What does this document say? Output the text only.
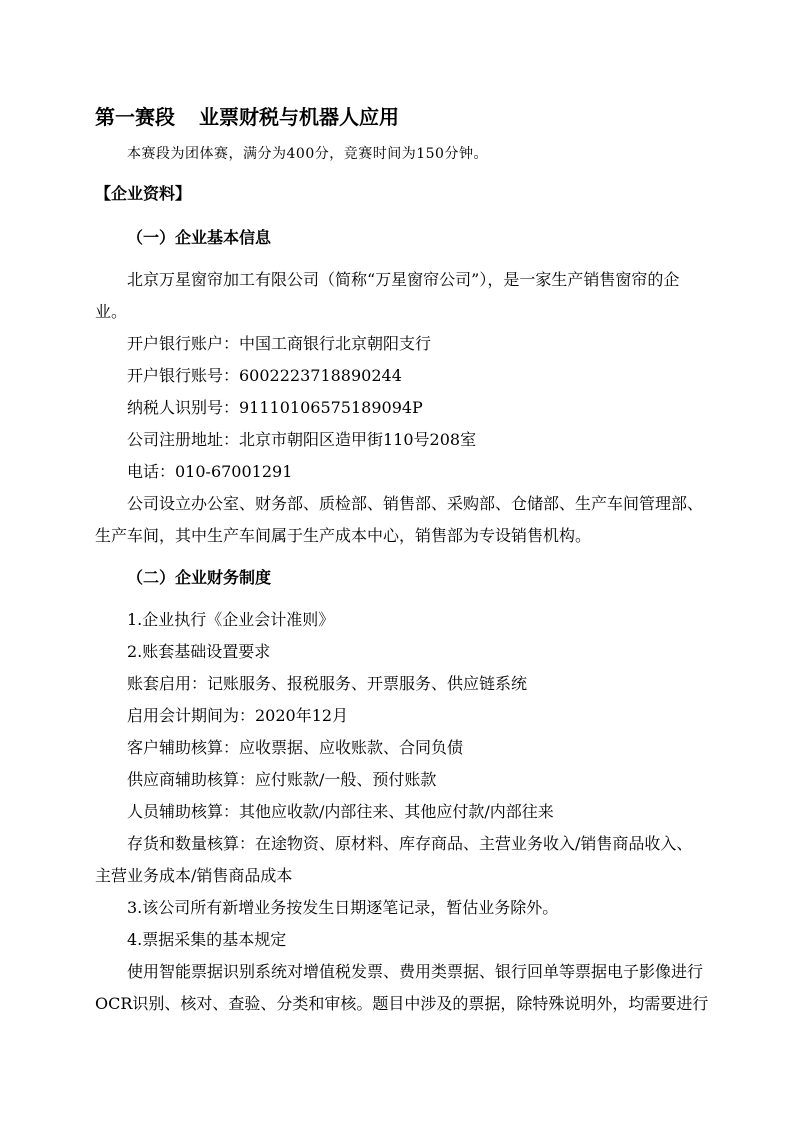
第一赛段 业票财税与机器人应用
本赛段为团体赛，满分为400分，竞赛时间为150分钟。
【企业资料】
（一）企业基本信息
北京万星窗帘加工有限公司（简称“万星窗帘公司”），是一家生产销售窗帘的企
业。
开户银行账户：中国工商银行北京朝阳支行
开户银行账号：6002223718890244
纳税人识别号：91110106575189094P
公司注册地址：北京市朝阳区造甲街110号208室
电话：010-67001291
公司设立办公室、财务部、质检部、销售部、采购部、仓储部、生产车间管理部、
生产车间，其中生产车间属于生产成本中心，销售部为专设销售机构。
（二）企业财务制度
1.企业执行《企业会计准则》
2.账套基础设置要求
账套启用：记账服务、报税服务、开票服务、供应链系统
启用会计期间为：2020年12月
客户辅助核算：应收票据、应收账款、合同负债
供应商辅助核算：应付账款/一般、预付账款
人员辅助核算：其他应收款/内部往来、其他应付款/内部往来
存货和数量核算：在途物资、原材料、库存商品、主营业务收入/销售商品收入、
主营业务成本/销售商品成本
3.该公司所有新增业务按发生日期逐笔记录，暂估业务除外。
4.票据采集的基本规定
使用智能票据识别系统对增值税发票、费用类票据、银行回单等票据电子影像进行
OCR识别、核对、查验、分类和审核。题目中涉及的票据，除特殊说明外，均需要进行
